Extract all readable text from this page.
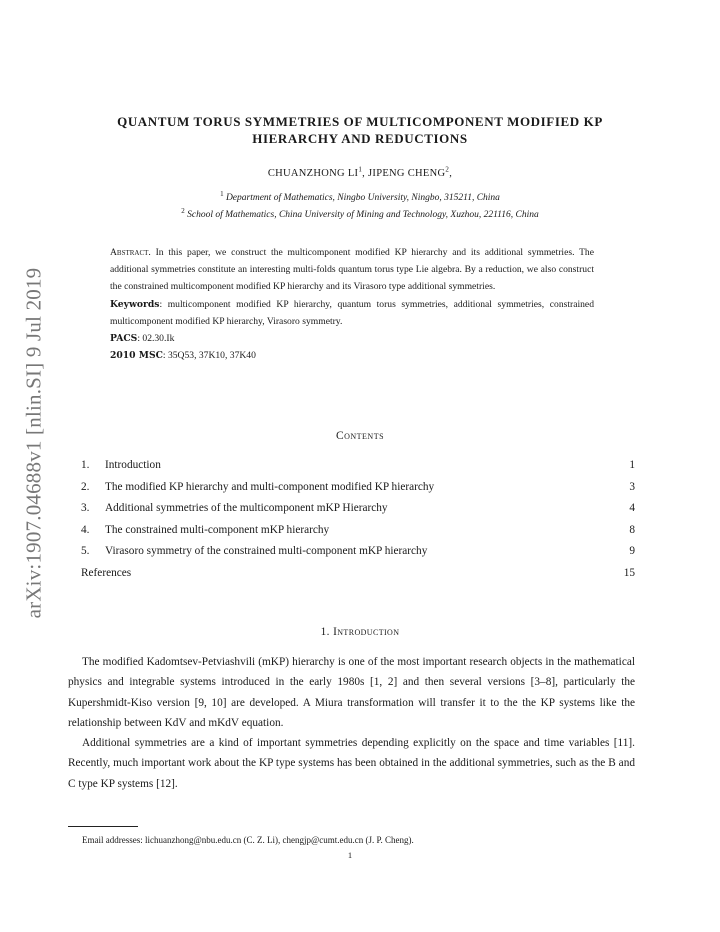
arXiv:1907.04688v1 [nlin.SI] 9 Jul 2019
QUANTUM TORUS SYMMETRIES OF MULTICOMPONENT MODIFIED KP
HIERARCHY AND REDUCTIONS
CHUANZHONG $LI^1$, JIPENG CHENG$^2$,
$^1$ Department of Mathematics, Ningbo University, Ningbo, 315211, China
$^2$ School of Mathematics, China University of Mining and Technology, Xuzhou, 221116, China

Abstract. In this paper, we construct the multicomponent modified KP hierarchy and its additional symmetries. The additional symmetries constitute an interesting multi-folds quantum torus type Lie algebra. By a reduction, we also construct the constrained multicomponent modified KP hierarchy and its Virasoro type additional symmetries.

Keywords: multicomponent modified KP hierarchy, quantum torus symmetries, additional symmetries, constrained multicomponent modified KP hierarchy, Virasoro symmetry.

PACS: 02.30.Ik

2010 MSC: 35Q53, 37K10, 37K40

Contents
1.	Introduction	1
2.	The modified KP hierarchy and multi-component modified KP hierarchy	3
3.	Additional symmetries of the multicomponent mKP Hierarchy	4
4.	The constrained multi-component mKP hierarchy	8
5.	Virasoro symmetry of the constrained multi-component mKP hierarchy	9
References	15
1. Introduction

The modified Kadomtsev-Petviashvili (mKP) hierarchy is one of the most important research objects in the mathematical physics and integrable systems introduced in the early 1980s [1, 2] and then several versions [3–8], particularly the Kupershmidt-Kiso version [9, 10] are developed. A Miura transformation will transfer it to the the KP systems like the relationship between KdV and mKdV equation.

Additional symmetries are a kind of important symmetries depending explicitly on the space and time variables [11]. Recently, much important work about the KP type systems has been obtained in the additional symmetries, such as the B and C type KP systems [12].

Email addresses: lichuanzhong@nbu.edu.cn (C. Z. Li), chengjp@cumt.edu.cn (J. P. Cheng).
1
